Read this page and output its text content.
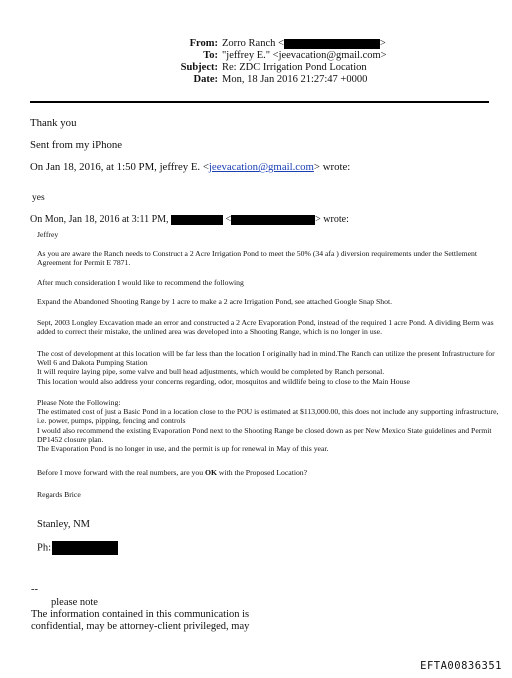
From: Zorro Ranch <	>
To: "jeffrey E." <jeevacation@gmail.com>
Subject: Re: ZDC Irrigation Pond Location
Date: Mon, 18 Jan 2016 21:27:47 +0000
Thank you
Sent from my iPhone
On Jan 18, 2016, at 1:50 PM, jeffrey E. <jeevacation@gmail.com> wrote:
yes
On Mon, Jan 18, 2016 at 3:11 PM,	<	> wrote:
Jeffrey
As you are aware the Ranch needs to Construct a 2 Acre Irrigation Pond to meet the 50% (34 afa ) diversion requirements under the Settlement Agreement for Permit E 7871.
After much consideration I would like to recommend the following
Expand the Abandoned Shooting Range by 1 acre to make a 2 acre Irrigation Pond, see attached Google Snap Shot.
Sept, 2003 Longley Excavation made an error and constructed a 2 Acre Evaporation Pond, instead of the required 1 acre Pond. A dividing Berm was added to correct their mistake, the unlined area was developed into a Shooting Range, which is no longer in use.

The cost of development at this location will be far less than the location I originally had in mind.The Ranch can utilize the present Infrastructure for Well 6 and Dakota Pumping Station

It will require laying pipe, some valve and bull head adjustments, which would be completed by Ranch personal.

This location would also address your concerns regarding, odor, mosquitos and wildlife being to close to the Main House

Please Note the Following:

The estimated cost of just a Basic Pond in a location close to the POU is estimated at $113,000.00, this does not include any supporting infrastructure, i.e. power, pumps, pipping, fencing and controls

I would also recommend the existing Evaporation Pond next to the Shooting Range be closed down as per New Mexico State guidelines and Permit DP1452 closure plan.

The Evaporation Pond is no longer in use, and the permit is up for renewal in May of this year.

Before I move forward with the real numbers, are you OK with the Proposed Location?
Regards Brice
Stanley, NM
Ph:
--
please note
The information contained in this communication is
confidential, may be attorney-client privileged, may
EFTA00836351
